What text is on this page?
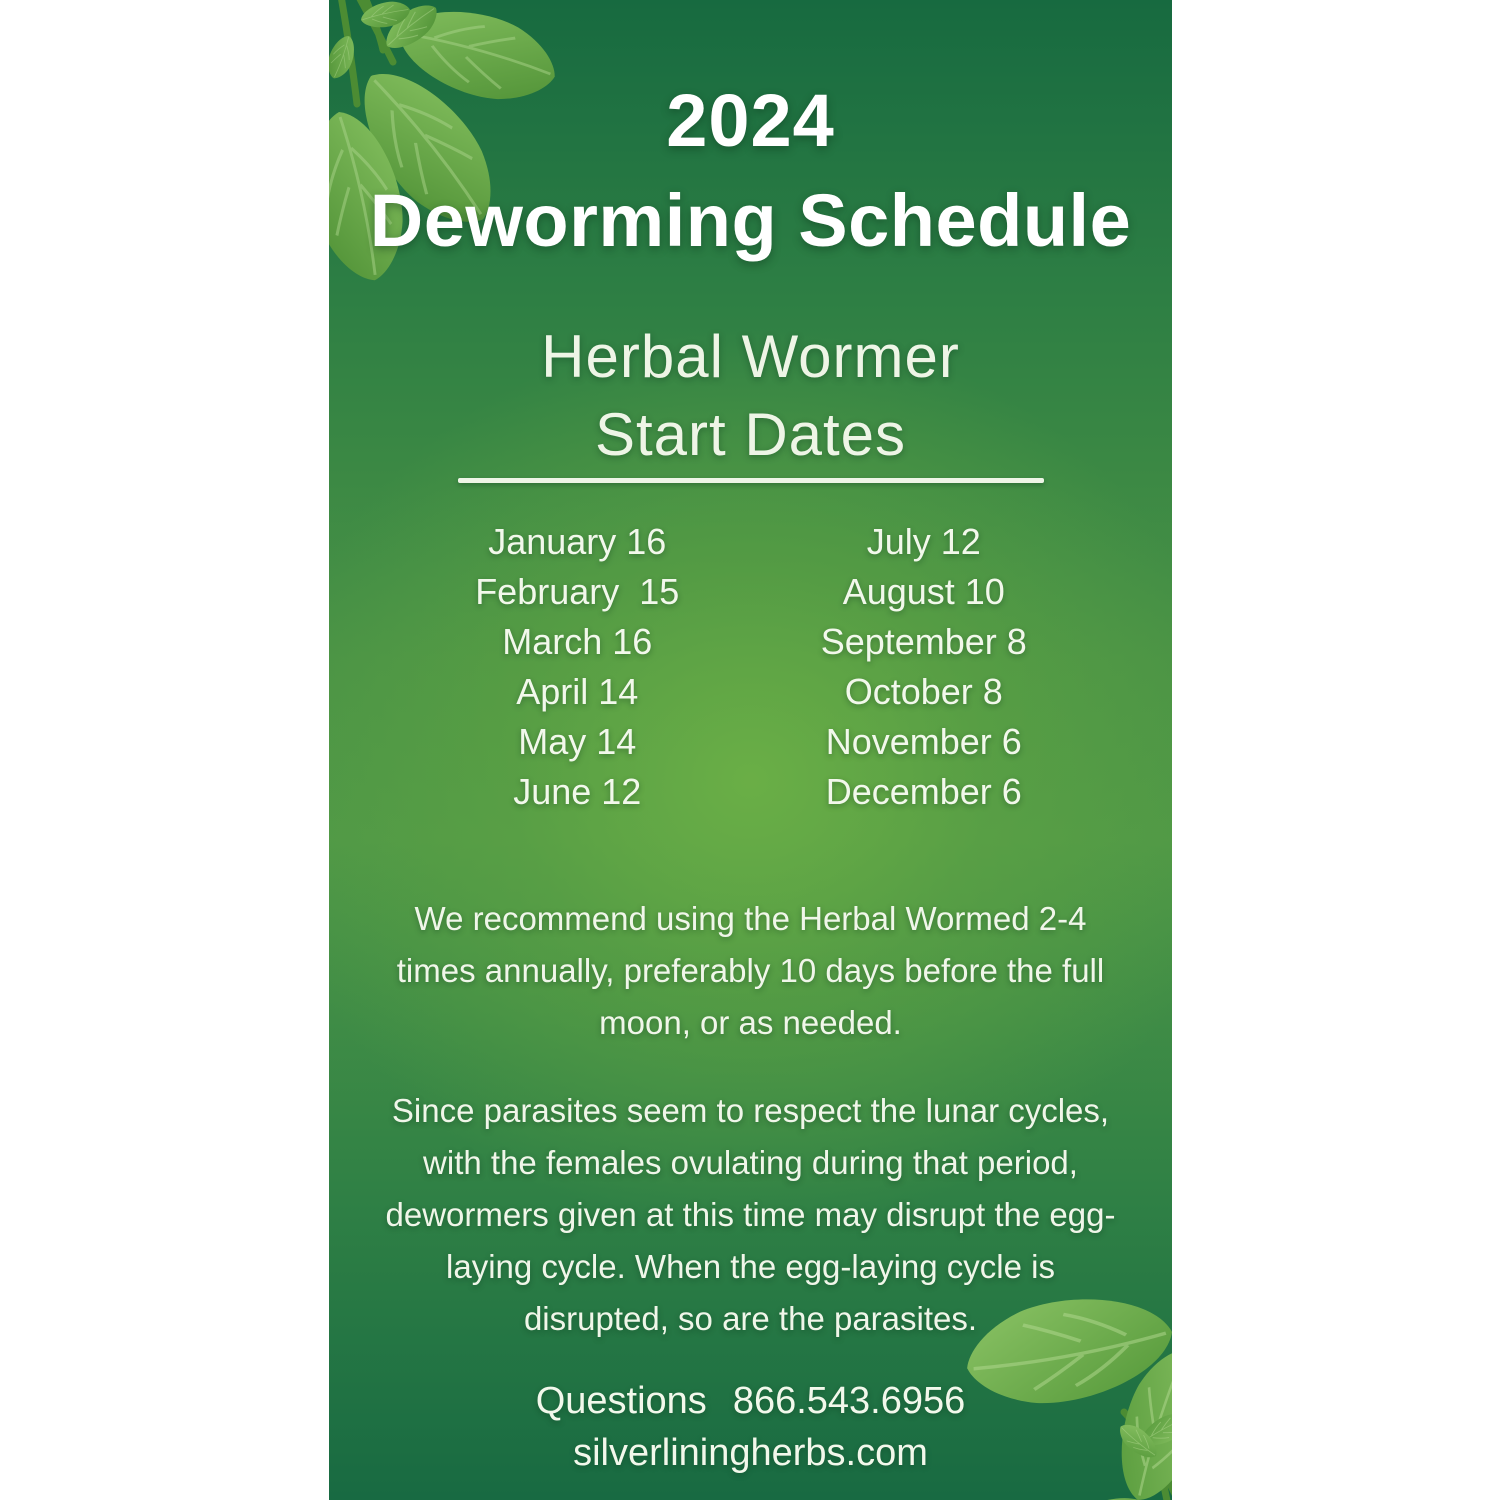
2024
Deworming Schedule
Herbal Wormer
Start Dates
January 16
February  15
March 16
April 14
May 14
June 12
July 12
August 10
September 8
October 8
November 6
December 6
We recommend using the Herbal Wormed 2-4
times annually, preferably 10 days before the full
moon, or as needed.
Since parasites seem to respect the lunar cycles,
with the females ovulating during that period,
dewormers given at this time may disrupt the egg-
laying cycle. When the egg-laying cycle is
disrupted, so are the parasites.
Questions 866.543.6956
silverliningherbs.com
